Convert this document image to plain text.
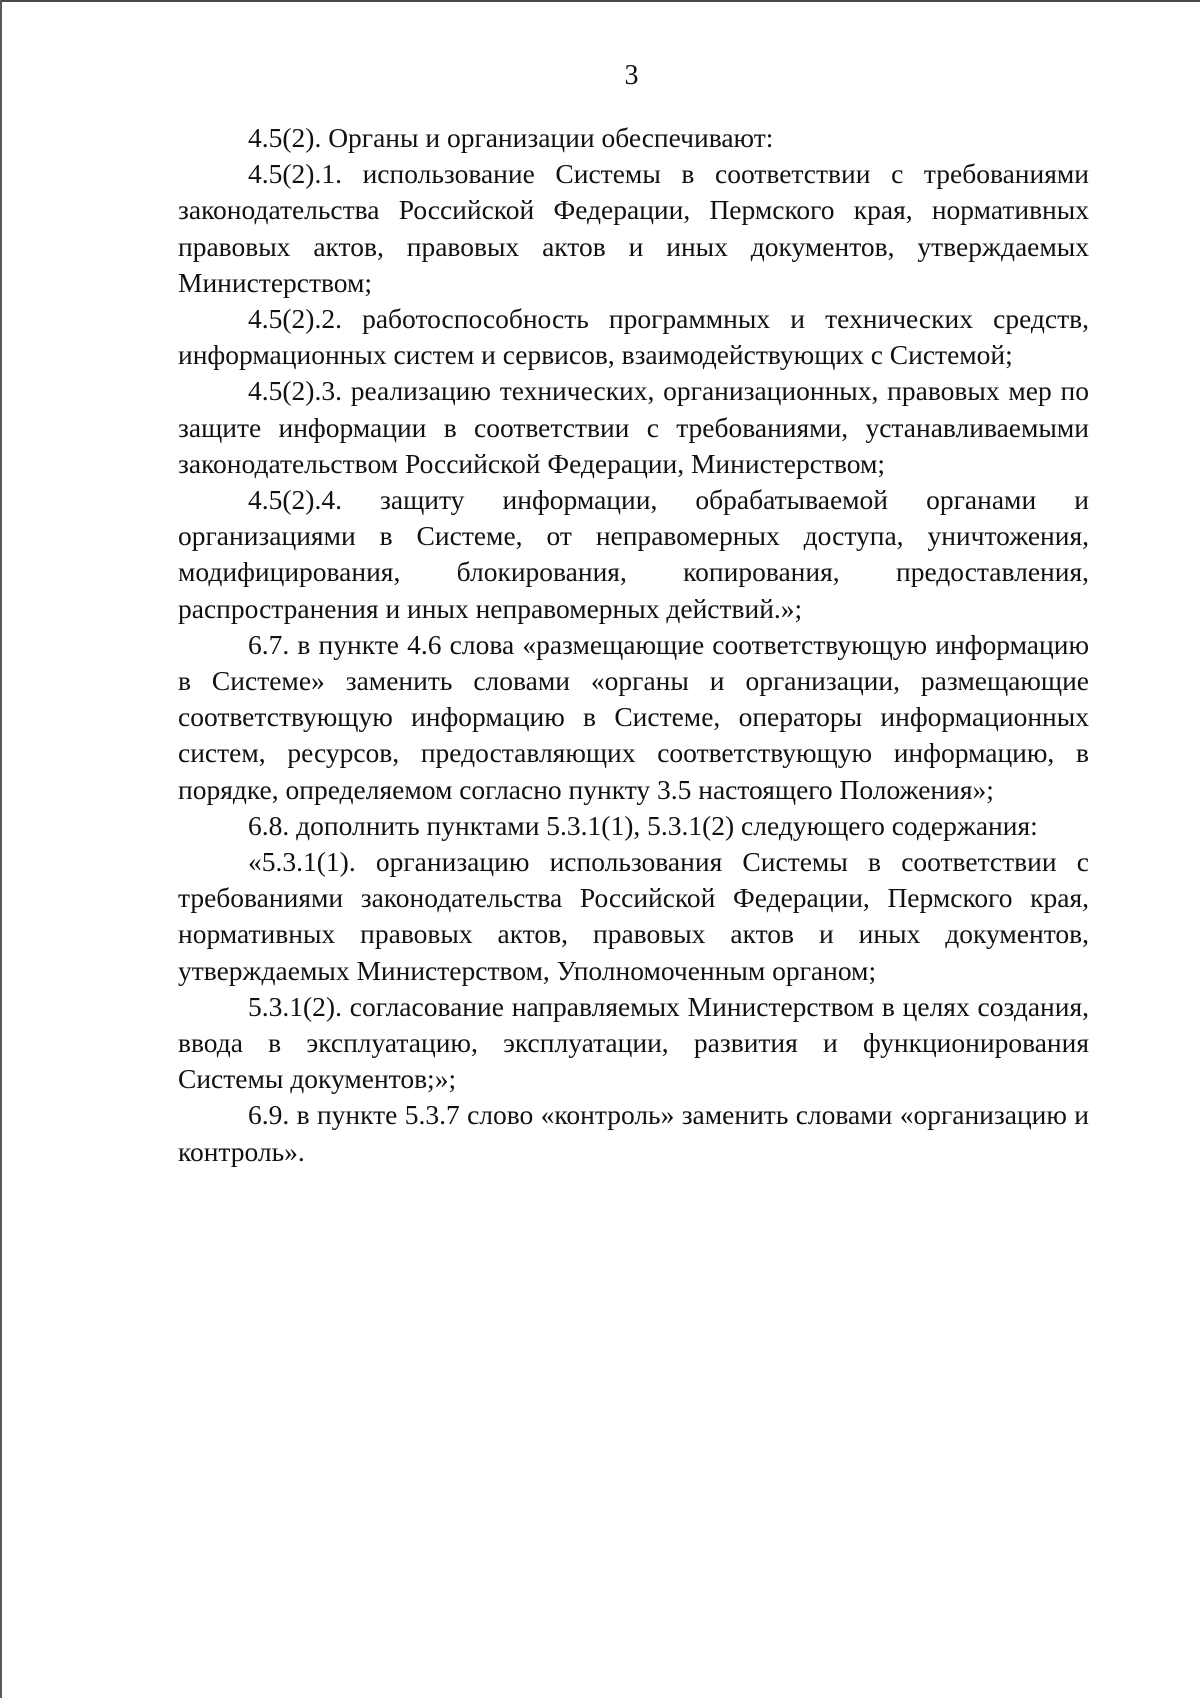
3

4.5(2). Органы и организации обеспечивают:

4.5(2).1. использование Системы в соответствии с требованиями законодательства Российской Федерации, Пермского края, нормативных правовых актов, правовых актов и иных документов, утверждаемых Министерством;

4.5(2).2. работоспособность программных и технических средств, информационных систем и сервисов, взаимодействующих с Системой;

4.5(2).3. реализацию технических, организационных, правовых мер по защите информации в соответствии с требованиями, устанавливаемыми законодательством Российской Федерации, Министерством;

4.5(2).4. защиту информации, обрабатываемой органами и организациями в Системе, от неправомерных доступа, уничтожения, модифицирования, блокирования, копирования, предоставления, распространения и иных неправомерных действий.»;

6.7. в пункте 4.6 слова «размещающие соответствующую информацию в Системе» заменить словами «органы и организации, размещающие соответствующую информацию в Системе, операторы информационных систем, ресурсов, предоставляющих соответствующую информацию, в порядке, определяемом согласно пункту 3.5 настоящего Положения»;

6.8. дополнить пунктами 5.3.1(1), 5.3.1(2) следующего содержания:

«5.3.1(1). организацию использования Системы в соответствии с требованиями законодательства Российской Федерации, Пермского края, нормативных правовых актов, правовых актов и иных документов, утверждаемых Министерством, Уполномоченным органом;

5.3.1(2). согласование направляемых Министерством в целях создания, ввода в эксплуатацию, эксплуатации, развития и функционирования Системы документов;»;

6.9. в пункте 5.3.7 слово «контроль» заменить словами «организацию и контроль».
